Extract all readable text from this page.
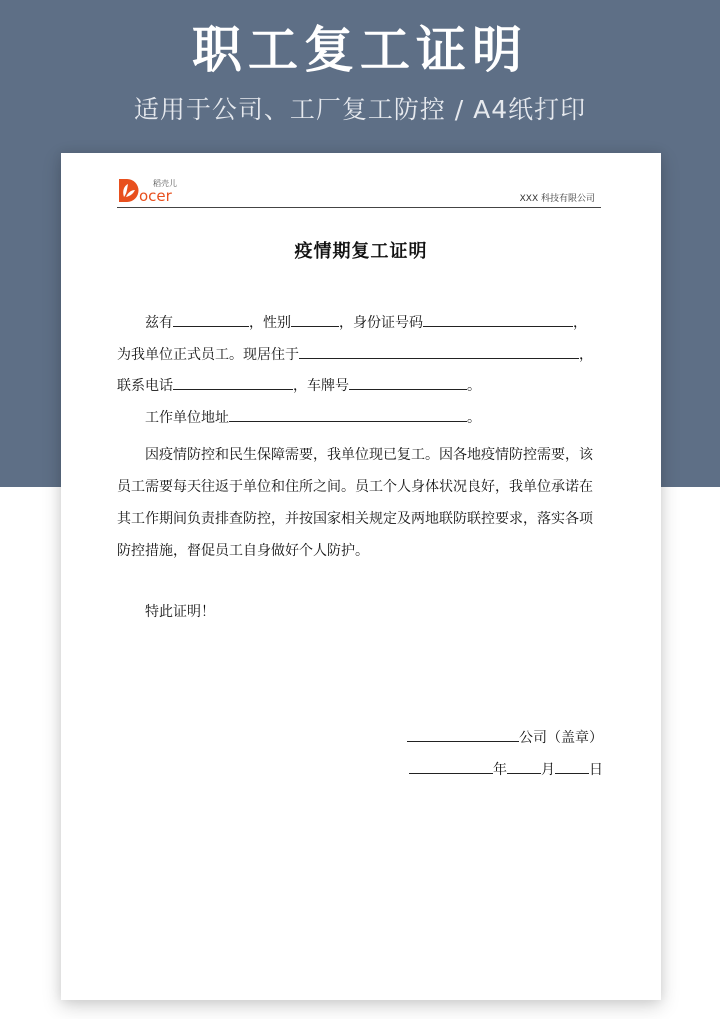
职工复工证明
适用于公司、工厂复工防控 / A4纸打印
ocer
稻壳儿
XXX 科技有限公司
疫情期复工证明
兹有	，性别	，身份证号码	，
为我单位正式员工。现居住于	，
联系电话	，车牌号	。
工作单位地址	。
因疫情防控和民生保障需要，我单位现已复工。因各地疫情防控需要，该员工需要每天往返于单位和住所之间。员工个人身体状况良好，我单位承诺在其工作期间负责排查防控，并按国家相关规定及两地联防联控要求，落实各项防控措施，督促员工自身做好个人防护。
特此证明！
公司（盖章）
年 月 日
